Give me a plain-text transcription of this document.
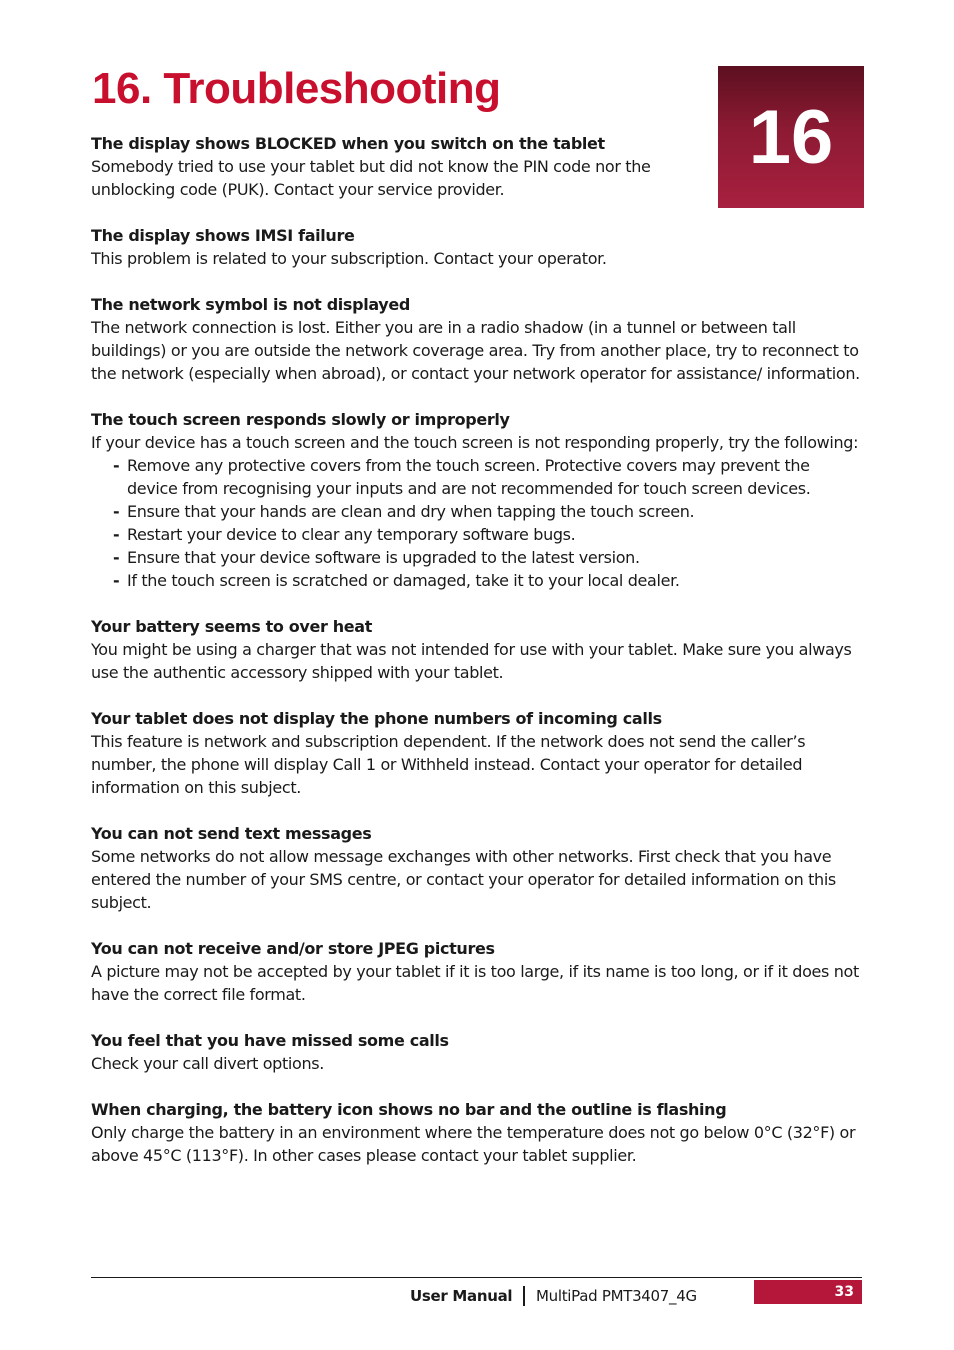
16. Troubleshooting
16

The display shows BLOCKED when you switch on the tablet

Somebody tried to use your tablet but did not know the PIN code nor the unblocking code (PUK). Contact your service provider.

The display shows IMSI failure

This problem is related to your subscription. Contact your operator.

The network symbol is not displayed

The network connection is lost. Either you are in a radio shadow (in a tunnel or between tall buildings) or you are outside the network coverage area. Try from another place, try to reconnect to the network (especially when abroad), or contact your network operator for assistance/ information.

The touch screen responds slowly or improperly

If your device has a touch screen and the touch screen is not responding properly, try the following:

- Remove any protective covers from the touch screen. Protective covers may prevent the device from recognising your inputs and are not recommended for touch screen devices.
- Ensure that your hands are clean and dry when tapping the touch screen.
- Restart your device to clear any temporary software bugs.
- Ensure that your device software is upgraded to the latest version.
- If the touch screen is scratched or damaged, take it to your local dealer.

Your battery seems to over heat

You might be using a charger that was not intended for use with your tablet. Make sure you always use the authentic accessory shipped with your tablet.

Your tablet does not display the phone numbers of incoming calls

This feature is network and subscription dependent. If the network does not send the caller’s number, the phone will display Call 1 or Withheld instead. Contact your operator for detailed information on this subject.

You can not send text messages

Some networks do not allow message exchanges with other networks. First check that you have entered the number of your SMS centre, or contact your operator for detailed information on this subject.

You can not receive and/or store JPEG pictures

A picture may not be accepted by your tablet if it is too large, if its name is too long, or if it does not have the correct file format.

You feel that you have missed some calls

Check your call divert options.

When charging, the battery icon shows no bar and the outline is flashing

Only charge the battery in an environment where the temperature does not go below 0°C (32°F) or above 45°C (113°F). In other cases please contact your tablet supplier.

User Manual MultiPad PMT3407_4G	33
